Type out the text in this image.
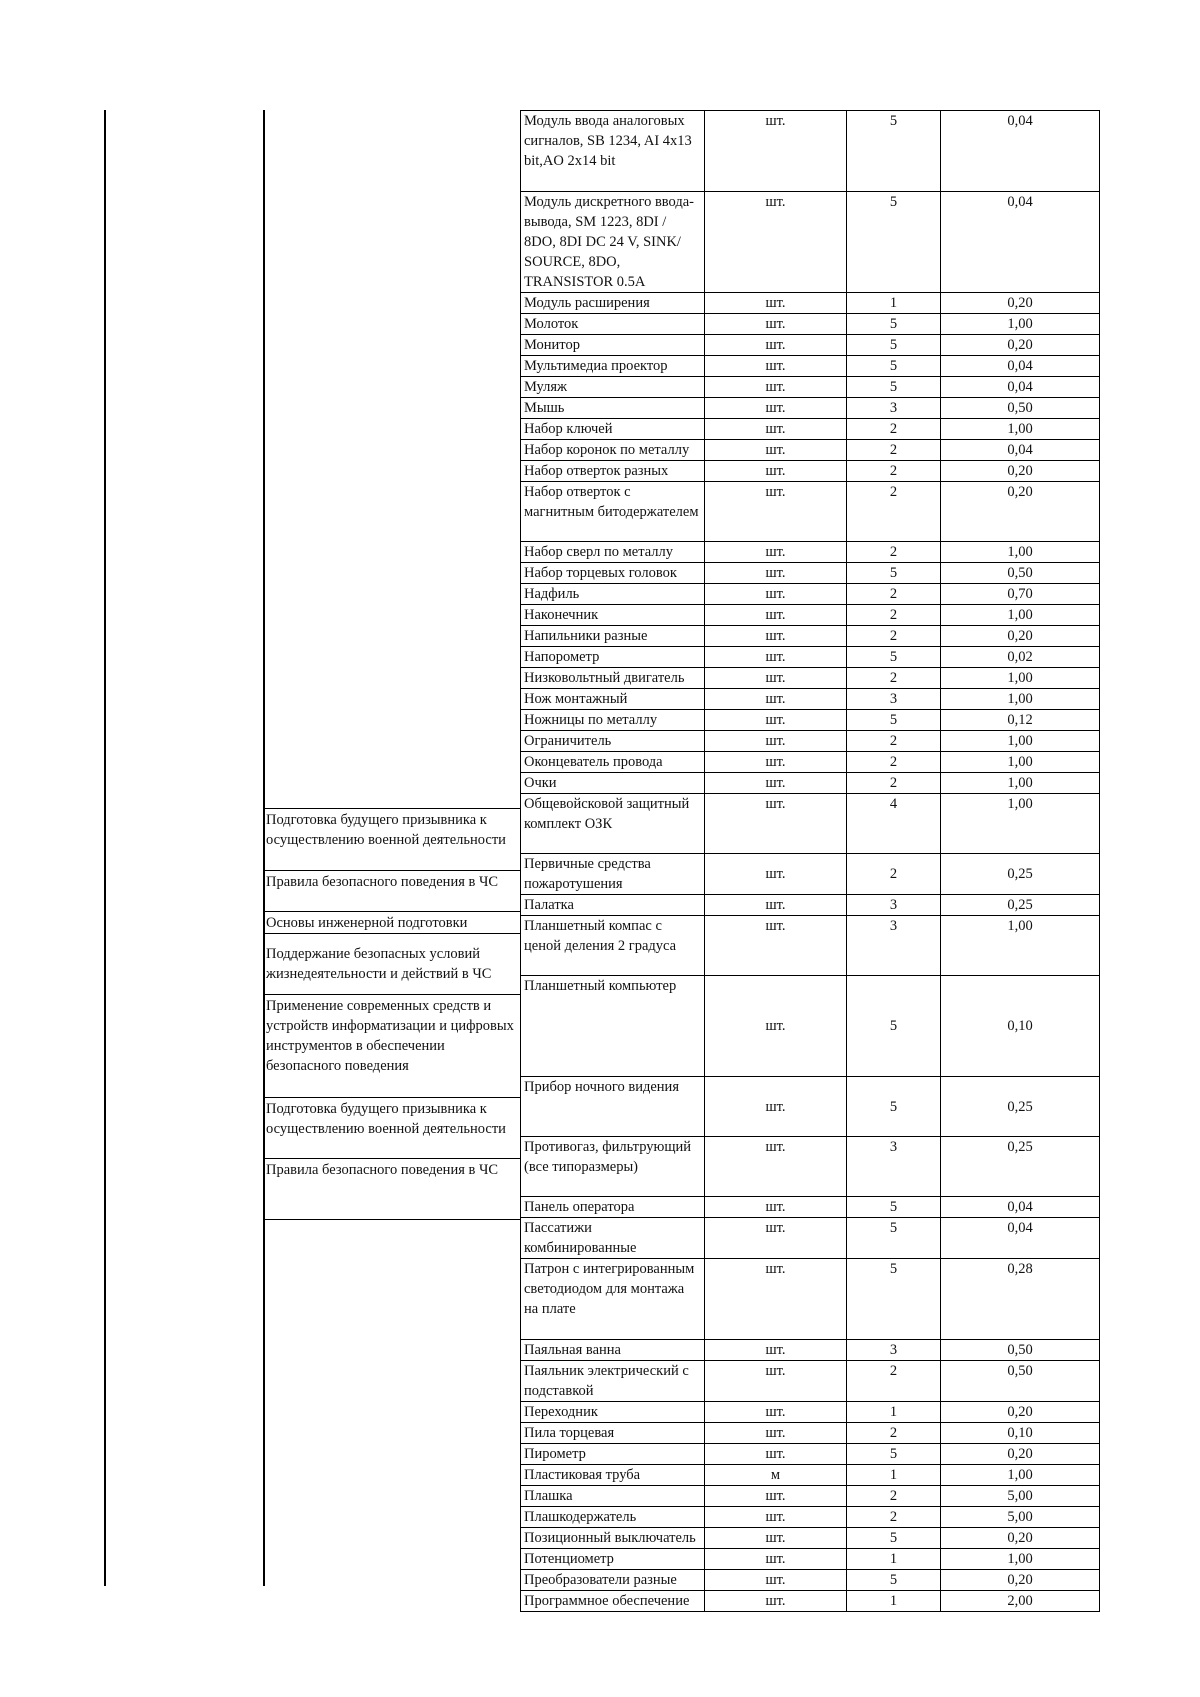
Подготовка будущего призывника к осуществлению военной деятельности
Правила безопасного поведения в ЧС
Основы инженерной подготовки
Поддержание безопасных условий жизнедеятельности и действий в ЧС
Применение современных средств и устройств информатизации и цифровых инструментов в обеспечении безопасного поведения
Подготовка будущего призывника к осуществлению военной деятельности
Правила безопасного поведения в ЧС
Модуль ввода аналоговых сигналов, SB 1234, AI 4x13 bit,AO 2x14 bit	шт.	5	0,04
Модуль дискретного ввода-вывода, SM 1223, 8DI / 8DO, 8DI DC 24 V, SINK/ SOURCE, 8DO, TRANSISTOR 0.5A	шт.	5	0,04
Модуль расширения	шт.	1	0,20
Молоток	шт.	5	1,00
Монитор	шт.	5	0,20
Мультимедиа проектор	шт.	5	0,04
Муляж	шт.	5	0,04
Мышь	шт.	3	0,50
Набор ключей	шт.	2	1,00
Набор коронок по металлу	шт.	2	0,04
Набор отверток разных	шт.	2	0,20
Набор отверток с магнитным битодержателем	шт.	2	0,20
Набор сверл по металлу	шт.	2	1,00
Набор торцевых головок	шт.	5	0,50
Надфиль	шт.	2	0,70
Наконечник	шт.	2	1,00
Напильники разные	шт.	2	0,20
Напорометр	шт.	5	0,02
Низковольтный двигатель	шт.	2	1,00
Нож монтажный	шт.	3	1,00
Ножницы по металлу	шт.	5	0,12
Ограничитель	шт.	2	1,00
Оконцеватель провода	шт.	2	1,00
Очки	шт.	2	1,00
Общевойсковой защитный комплект ОЗК	шт.	4	1,00
Первичные средства пожаротушения	шт.	2	0,25
Палатка	шт.	3	0,25
Планшетный компас с ценой деления 2 градуса	шт.	3	1,00
Планшетный компьютер	шт.	5	0,10
Прибор ночного видения	шт.	5	0,25
Противогаз, фильтрующий (все типоразмеры)	шт.	3	0,25
Панель оператора	шт.	5	0,04
Пассатижи комбинированные	шт.	5	0,04
Патрон с интегрированным светодиодом для монтажа на плате	шт.	5	0,28
Паяльная ванна	шт.	3	0,50
Паяльник электрический с подставкой	шт.	2	0,50
Переходник	шт.	1	0,20
Пила торцевая	шт.	2	0,10
Пирометр	шт.	5	0,20
Пластиковая труба	м	1	1,00
Плашка	шт.	2	5,00
Плашкодержатель	шт.	2	5,00
Позиционный выключатель	шт.	5	0,20
Потенциометр	шт.	1	1,00
Преобразователи разные	шт.	5	0,20
Программное обеспечение	шт.	1	2,00
